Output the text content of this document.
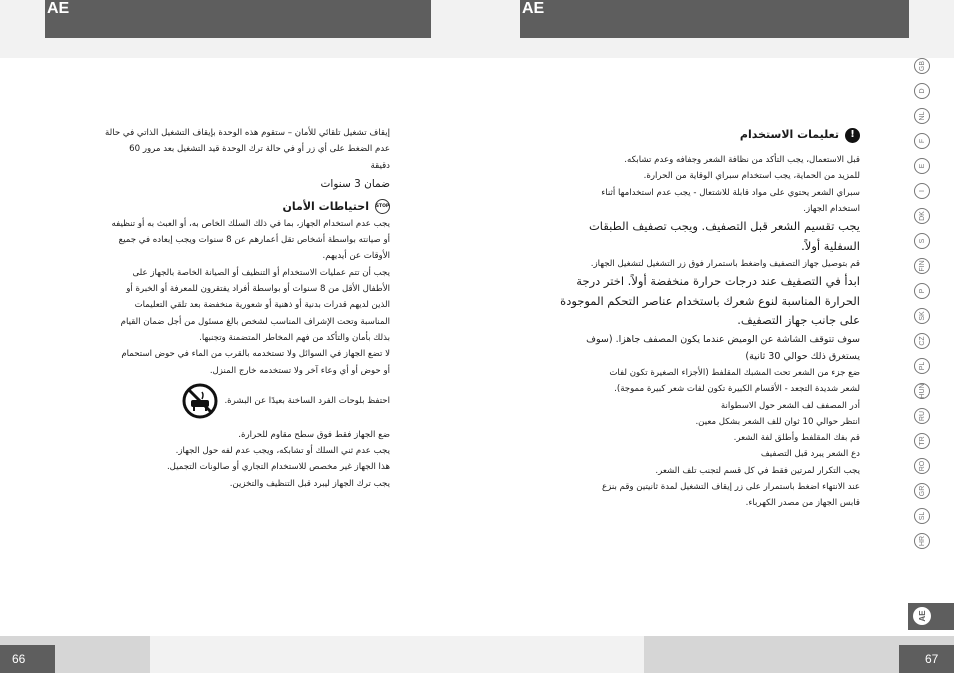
AE	AE

إيقاف تشغيل تلقائي للأمان – ستقوم هذه الوحدة بإيقاف التشغيل الذاتي في حالة

عدم الضغط على أي زر أو في حالة ترك الوحدة قيد التشغيل بعد مرور 60

دقيقة

ضمان 3 سنوات

STOP
احتياطات الأمان

يجب عدم استخدام الجهاز، بما في ذلك السلك الخاص به، أو العبث به أو تنظيفه

أو صيانته بواسطة أشخاص تقل أعمارهم عن 8 سنوات ويجب إبعاده في جميع

الأوقات عن أيديهم.

يجب أن تتم عمليات الاستخدام أو التنظيف أو الصيانة الخاصة بالجهاز على

الأطفال الأقل من 8 سنوات أو بواسطة أفراد يفتقرون للمعرفة أو الخبرة أو

الذين لديهم قدرات بدنية أو ذهنية أو شعورية منخفضة بعد تلقي التعليمات

المناسبة وتحت الإشراف المناسب لشخص بالغ مسئول من أجل ضمان القيام

بذلك بأمان والتأكد من فهم المخاطر المتضمنة وتجنبها.

لا تضع الجهاز في السوائل ولا تستخدمه بالقرب من الماء في حوض استحمام

أو حوض أو أي وعاء آخر ولا تستخدمه خارج المنزل.

احتفظ بلوحات الفرد الساخنة بعيدًا عن البشرة.

ضع الجهاز فقط فوق سطح مقاوم للحرارة.

يجب عدم ثني السلك أو تشابكه، ويجب عدم لفه حول الجهاز.

هذا الجهاز غير مخصص للاستخدام التجاري أو صالونات التجميل.

يجب ترك الجهاز ليبرد قبل التنظيف والتخزين.

!
تعليمات الاستخدام

قبل الاستعمال، يجب التأكد من نظافة الشعر وجفافه وعدم تشابكه.

للمزيد من الحماية، يجب استخدام سبراي الوقاية من الحرارة.

سبراي الشعر يحتوي على مواد قابلة للاشتعال - يجب عدم استخدامها أثناء

استخدام الجهاز.

يجب تقسيم الشعر قبل التصفيف. ويجب تصفيف الطبقات

السفلية أولاً.

قم بتوصيل جهاز التصفيف واضغط باستمرار فوق زر التشغيل لتشغيل الجهاز.

ابدأ في التصفيف عند درجات حرارة منخفضة أولاً. اختر درجة

الحرارة المناسبة لنوع شعرك باستخدام عناصر التحكم الموجودة

على جانب جهاز التصفيف.

سوف تتوقف الشاشة عن الوميض عندما يكون المصفف جاهزا. (سوف

يستغرق ذلك حوالي 30 ثانية)

ضع جزء من الشعر تحت المشبك المقلفط (الأجزاء الصغيرة تكون لفات

لشعر شديدة التجعد - الأقسام الكبيرة تكون لفات شعر كبيرة مموجة).

أدر المصفف لف الشعر حول الاسطوانة

انتظر حوالي 10 ثوان للف الشعر بشكل معين.

قم بفك المقلفط وأطلق لفة الشعر.

دع الشعر يبرد قبل التصفيف

يجب التكرار لمرتين فقط في كل قسم لتجنب تلف الشعر.

عند الانتهاء اضغط باستمرار على زر إيقاف التشغيل لمدة ثانيتين وقم بنزع

قابس الجهاز من مصدر الكهرباء.

GB
D
NL
F
E
I
DK
S
FIN
P
SK
CZ
PL
HUN
RU
TR
RO
GR
SL
HR
AE
66	67
